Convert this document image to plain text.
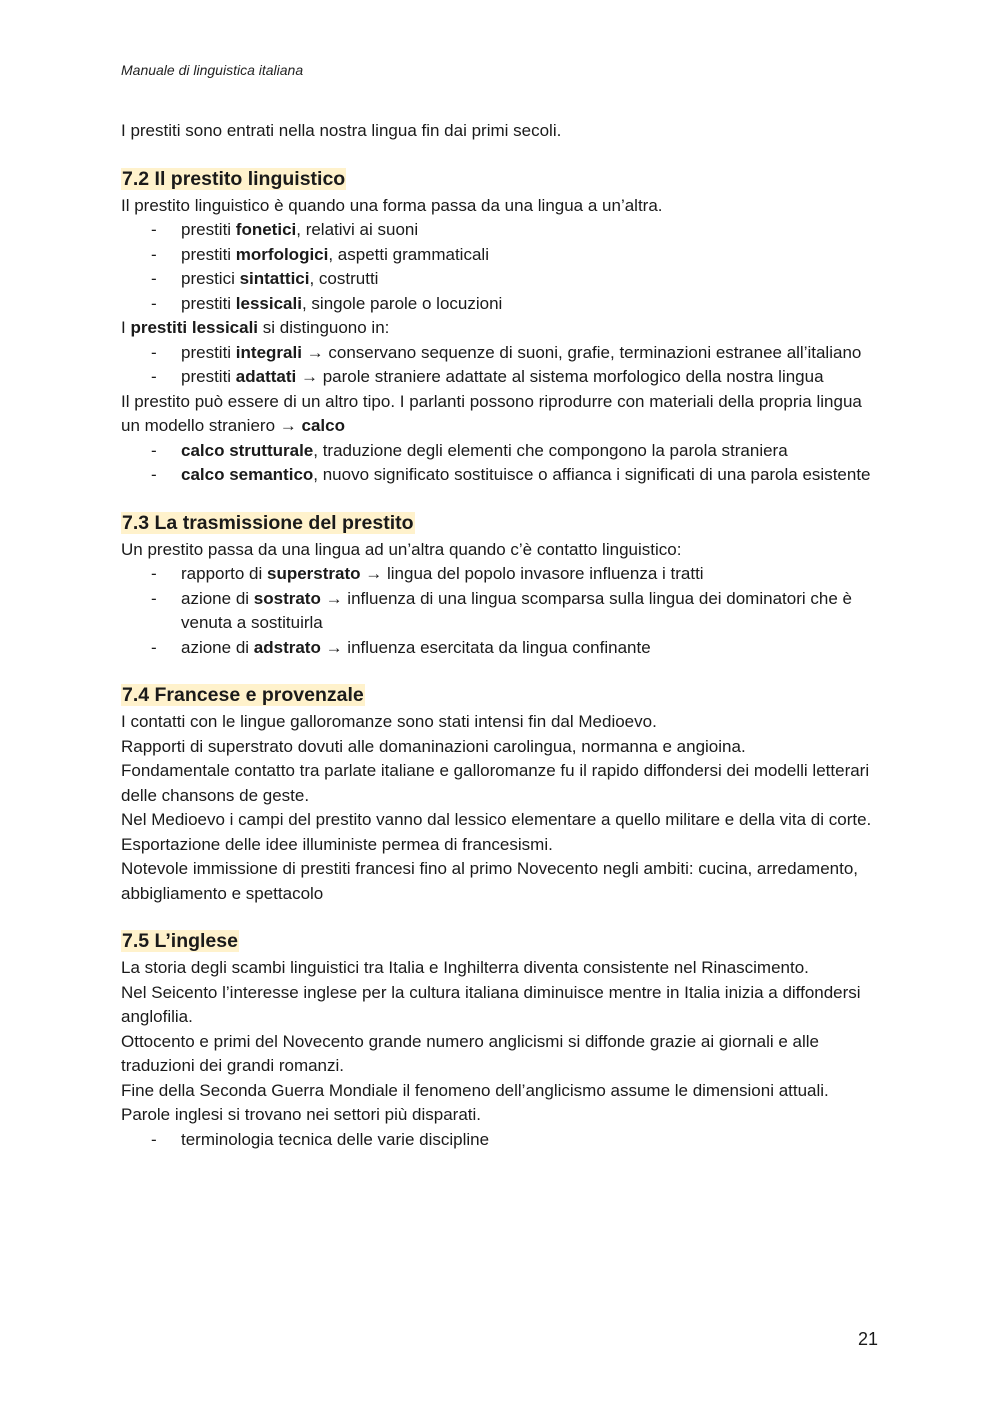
Manuale di linguistica italiana

I prestiti sono entrati nella nostra lingua fin dai primi secoli.

7.2 Il prestito linguistico

Il prestito linguistico è quando una forma passa da una lingua a un’altra.

- prestiti fonetici, relativi ai suoni
- prestiti morfologici, aspetti grammaticali
- prestici sintattici, costrutti
- prestiti lessicali, singole parole o locuzioni

I prestiti lessicali si distinguono in:

- prestiti integrali → conservano sequenze di suoni, grafie, terminazioni estranee all’italiano
- prestiti adattati → parole straniere adattate al sistema morfologico della nostra lingua

Il prestito può essere di un altro tipo. I parlanti possono riprodurre con materiali della propria lingua un modello straniero → calco

- calco strutturale, traduzione degli elementi che compongono la parola straniera
- calco semantico, nuovo significato sostituisce o affianca i significati di una parola esistente
7.3 La trasmissione del prestito

Un prestito passa da una lingua ad un’altra quando c’è contatto linguistico:

- rapporto di superstrato → lingua del popolo invasore influenza i tratti
- azione di sostrato → influenza di una lingua scomparsa sulla lingua dei dominatori che è venuta a sostituirla
- azione di adstrato → influenza esercitata da lingua confinante
7.4 Francese e provenzale

I contatti con le lingue galloromanze sono stati intensi fin dal Medioevo.

Rapporti di superstrato dovuti alle domaninazioni carolingua, normanna e angioina.

Fondamentale contatto tra parlate italiane e galloromanze fu il rapido diffondersi dei modelli letterari delle chansons de geste.

Nel Medioevo i campi del prestito vanno dal lessico elementare a quello militare e della vita di corte.

Esportazione delle idee illuministe permea di francesismi.

Notevole immissione di prestiti francesi fino al primo Novecento negli ambiti: cucina, arredamento, abbigliamento e spettacolo

7.5 L’inglese

La storia degli scambi linguistici tra Italia e Inghilterra diventa consistente nel Rinascimento.

Nel Seicento l’interesse inglese per la cultura italiana diminuisce mentre in Italia inizia a diffondersi anglofilia.

Ottocento e primi del Novecento grande numero anglicismi si diffonde grazie ai giornali e alle traduzioni dei grandi romanzi.

Fine della Seconda Guerra Mondiale il fenomeno dell’anglicismo assume le dimensioni attuali. Parole inglesi si trovano nei settori più disparati.

- terminologia tecnica delle varie discipline
21
